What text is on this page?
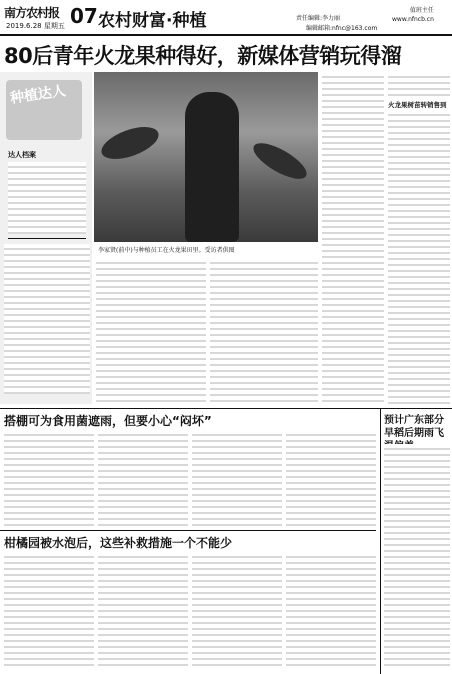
南方农村报
2019.6.28 星期五 07 农村财富·种植	责任编辑:李力丽
编辑邮箱:nfnc@163.com
值班主任
www.nfncb.cn
80后青年火龙果种得好，新媒体营销玩得溜
种植达人
达人档案
李家贤(前中)与种植员工在火龙果田里。受访者供图
火龙果树苗转销售到
搭棚可为食用菌遮雨，但要小心“闷坏”
柑橘园被水泡后，这些补救措施一个不能少
预计广东部分早稻后期雨飞
